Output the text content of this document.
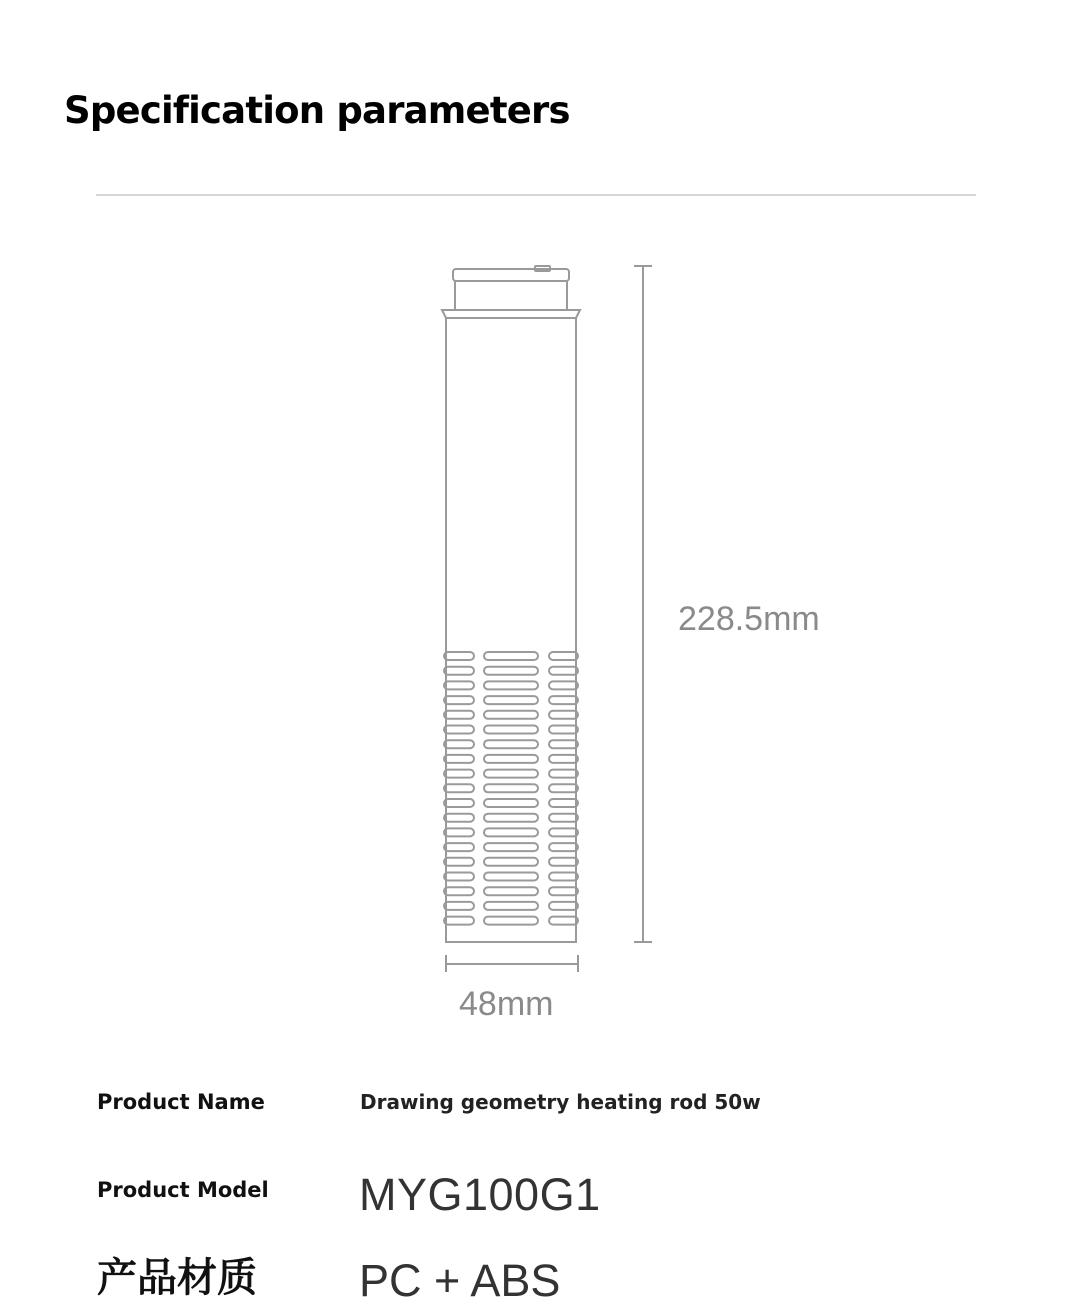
Specification parameters
228.5mm
48mm
Product Name	Drawing geometry heating rod 50w
Product Model MYG100G1
产品材质 PC + ABS
